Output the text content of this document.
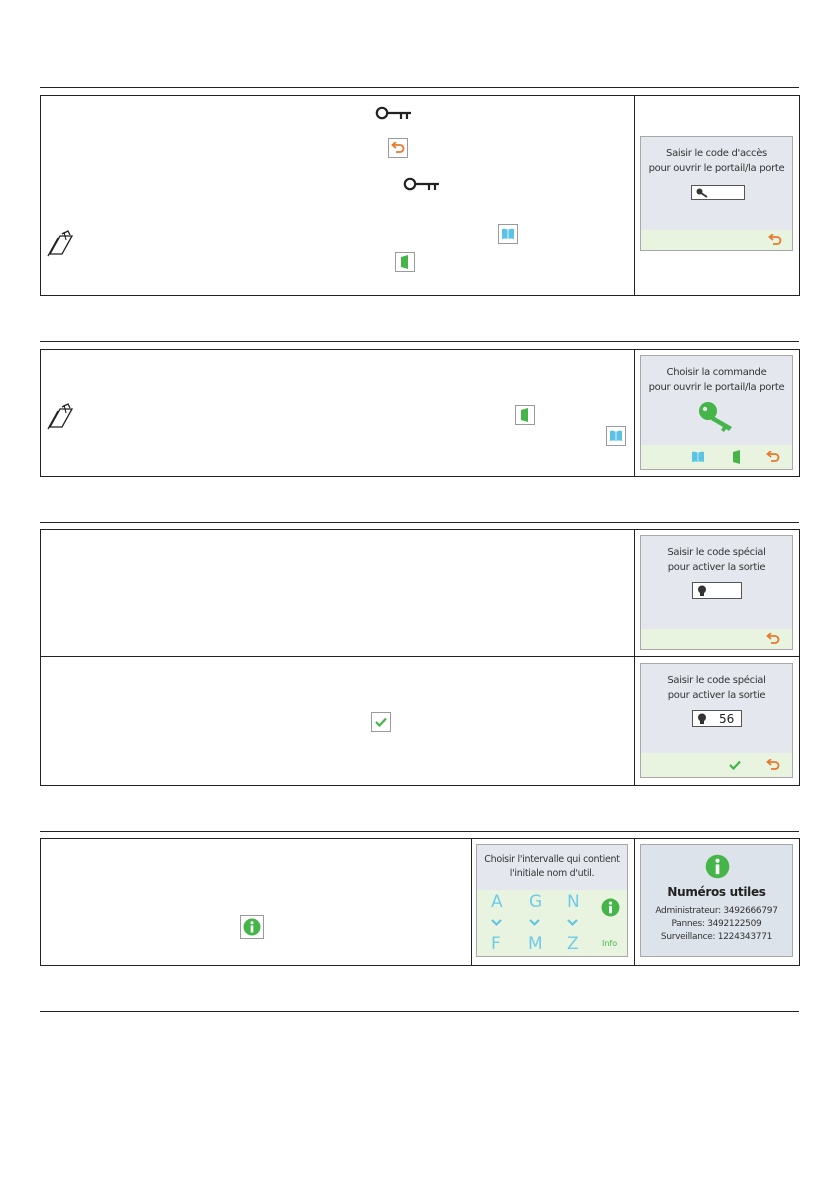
Saisir le code d'accès
pour ouvrir le portail/la porte
Choisir la commande
pour ouvrir le portail/la porte
Saisir le code spécial
pour activer la sortie
Saisir le code spécial
pour activer la sortie
56
Choisir l'intervalle qui contient
l'initiale nom d'util.
A G N
F M Z	Info
Numéros utiles
Administrateur: 3492666797
Pannes: 3492122509
Surveillance: 1224343771
